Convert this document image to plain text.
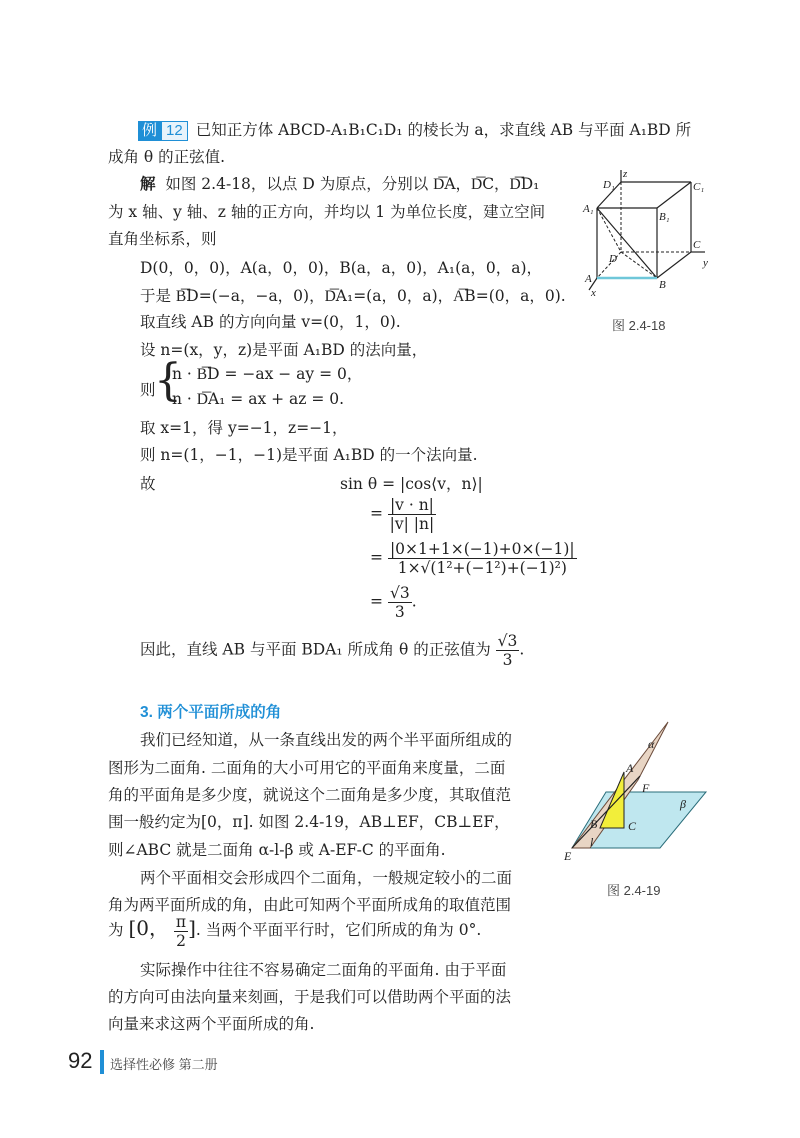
例 12 已知正方体 ABCD-A₁B₁C₁D₁ 的棱长为 a，求直线 AB 与平面 A₁BD 所
成角 θ 的正弦值.
解 如图 2.4-18，以点 D 为原点，分别以 D͞A，D͞C，D͞D₁
为 x 轴、y 轴、z 轴的正方向，并均以 1 为单位长度，建立空间
直角坐标系，则
D(0，0，0)，A(a，0，0)，B(a，a，0)，A₁(a，0，a)，
于是 B͞D=(−a，−a，0)，D͞A₁=(a，0，a)，A͞B=(0，a，0).
取直线 AB 的方向向量 v=(0，1，0).
设 n=(x，y，z)是平面 A₁BD 的法向量，
则
{
n · B͞D = −ax − ay = 0，
n · D͞A₁ = ax + az = 0.
取 x=1，得 y=−1，z=−1，
则 n=(1，−1，−1)是平面 A₁BD 的一个法向量.
故	sin θ = |cos⟨v，n⟩|
= $\frac{|v \cdot n|}{|v| |n|}$
= $\frac{|0\times 1+1\times(-1)+0\times(-1)|}{\text{1×√(1²+(−1²)+(−1)²)}}$
= $\frac{√3}{3}$ .
因此，直线 AB 与平面 BDA₁ 所成角 θ 的正弦值为 $\frac{√3}{3}$ .
D₁
z
C₁
A₁
B₁
D
C
y
A	B
x
图 2.4-18
3. 两个平面所成的角
我们已经知道，从一条直线出发的两个半平面所组成的
图形为二面角. 二面角的大小可用它的平面角来度量，二面
角的平面角是多少度，就说这个二面角是多少度，其取值范
围一般约定为[0，π]. 如图 2.4-19，AB⊥EF，CB⊥EF，
则∠ABC 就是二面角 α-l-β 或 A-EF-C 的平面角.
两个平面相交会形成四个二面角，一般规定较小的二面
角为两平面所成的角，由此可知两个平面所成角的取值范围
为 [0， $\frac{\pi}{2}$ ]. 当两个平面平行时，它们所成的角为 0°.
实际操作中往往不容易确定二面角的平面角. 由于平面
的方向可由法向量来刻画，于是我们可以借助两个平面的法
向量来求这两个平面所成的角.
α
A
F
β
B	C
l
E
图 2.4-19
92 选择性必修 第二册
